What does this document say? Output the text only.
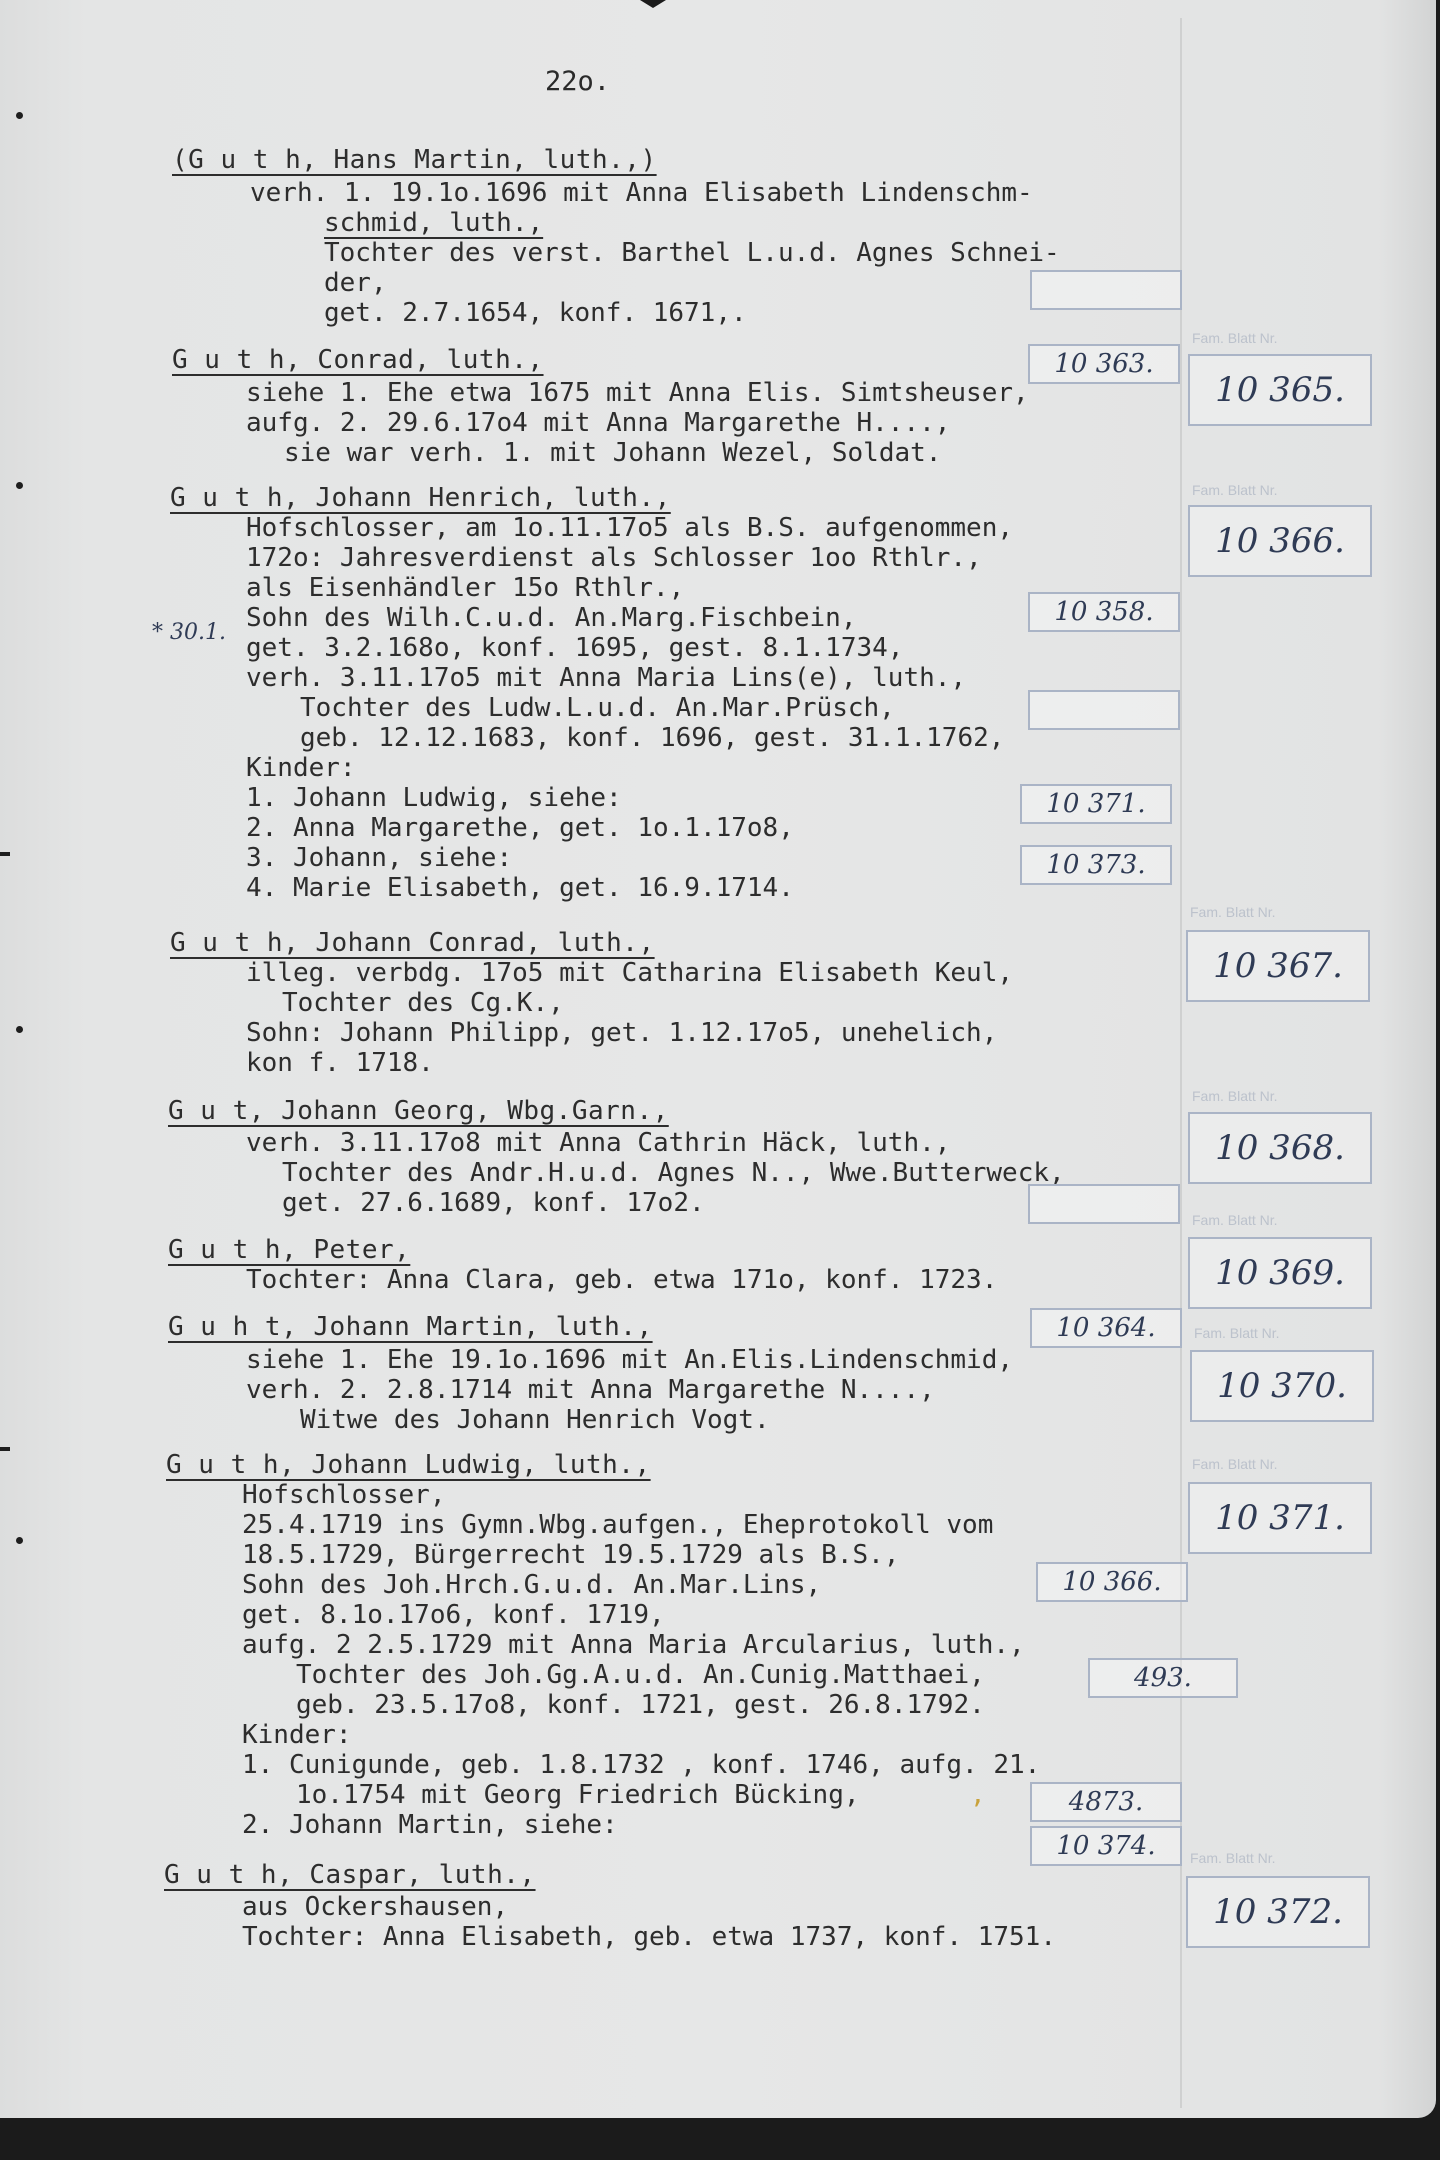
22o.
* 30.1.
(G u t h, Hans Martin, luth.,)
verh. 1. 19.1o.1696 mit Anna Elisabeth Lindenschm-
schmid, luth.,
Tochter des verst. Barthel L.u.d. Agnes Schnei-
der,
get. 2.7.1654, konf. 1671,.
G u t h, Conrad, luth.,
siehe 1. Ehe etwa 1675 mit Anna Elis. Simtsheuser,
aufg. 2. 29.6.17o4 mit Anna Margarethe H....,
sie war verh. 1. mit Johann Wezel, Soldat.
G u t h, Johann Henrich, luth.,
Hofschlosser, am 1o.11.17o5 als B.S. aufgenommen,
172o: Jahresverdienst als Schlosser 1oo Rthlr.,
als Eisenhändler 15o Rthlr.,
Sohn des Wilh.C.u.d. An.Marg.Fischbein,
get. 3.2.168o, konf. 1695, gest. 8.1.1734,
verh. 3.11.17o5 mit Anna Maria Lins(e), luth.,
Tochter des Ludw.L.u.d. An.Mar.Prüsch,
geb. 12.12.1683, konf. 1696, gest. 31.1.1762,
Kinder:
1. Johann Ludwig, siehe:
2. Anna Margarethe, get. 1o.1.17o8,
3. Johann, siehe:
4. Marie Elisabeth, get. 16.9.1714.
G u t h, Johann Conrad, luth.,
illeg. verbdg. 17o5 mit Catharina Elisabeth Keul,
Tochter des Cg.K.,
Sohn: Johann Philipp, get. 1.12.17o5, unehelich,
kon f. 1718.
G u t, Johann Georg, Wbg.Garn.,
verh. 3.11.17o8 mit Anna Cathrin Häck, luth.,
Tochter des Andr.H.u.d. Agnes N.., Wwe.Butterweck,
get. 27.6.1689, konf. 17o2.
G u t h, Peter,
Tochter: Anna Clara, geb. etwa 171o, konf. 1723.
G u h t, Johann Martin, luth.,
siehe 1. Ehe 19.1o.1696 mit An.Elis.Lindenschmid,
verh. 2. 2.8.1714 mit Anna Margarethe N....,
Witwe des Johann Henrich Vogt.
G u t h, Johann Ludwig, luth.,
Hofschlosser,
25.4.1719 ins Gymn.Wbg.aufgen., Eheprotokoll vom
18.5.1729, Bürgerrecht 19.5.1729 als B.S.,
Sohn des Joh.Hrch.G.u.d. An.Mar.Lins,
get. 8.1o.17o6, konf. 1719,
aufg. 2 2.5.1729 mit Anna Maria Arcularius, luth.,
Tochter des Joh.Gg.A.u.d. An.Cunig.Matthaei,
geb. 23.5.17o8, konf. 1721, gest. 26.8.1792.
Kinder:
1. Cunigunde, geb. 1.8.1732 , konf. 1746, aufg. 21.
1o.1754 mit Georg Friedrich Bücking,
2. Johann Martin, siehe:
G u t h, Caspar, luth.,
aus Ockershausen,
Tochter: Anna Elisabeth, geb. etwa 1737, konf. 1751.
10 363.
10 358.
10 371.
10 373.
10 364.
10 366.
493.
4873.
10 374.
Fam. Blatt Nr.
10 365.
Fam. Blatt Nr.
10 366.
Fam. Blatt Nr.
10 367.
Fam. Blatt Nr.
10 368.
Fam. Blatt Nr.
10 369.
Fam. Blatt Nr.
10 370.
Fam. Blatt Nr.
10 371.
Fam. Blatt Nr.
10 372.
,
